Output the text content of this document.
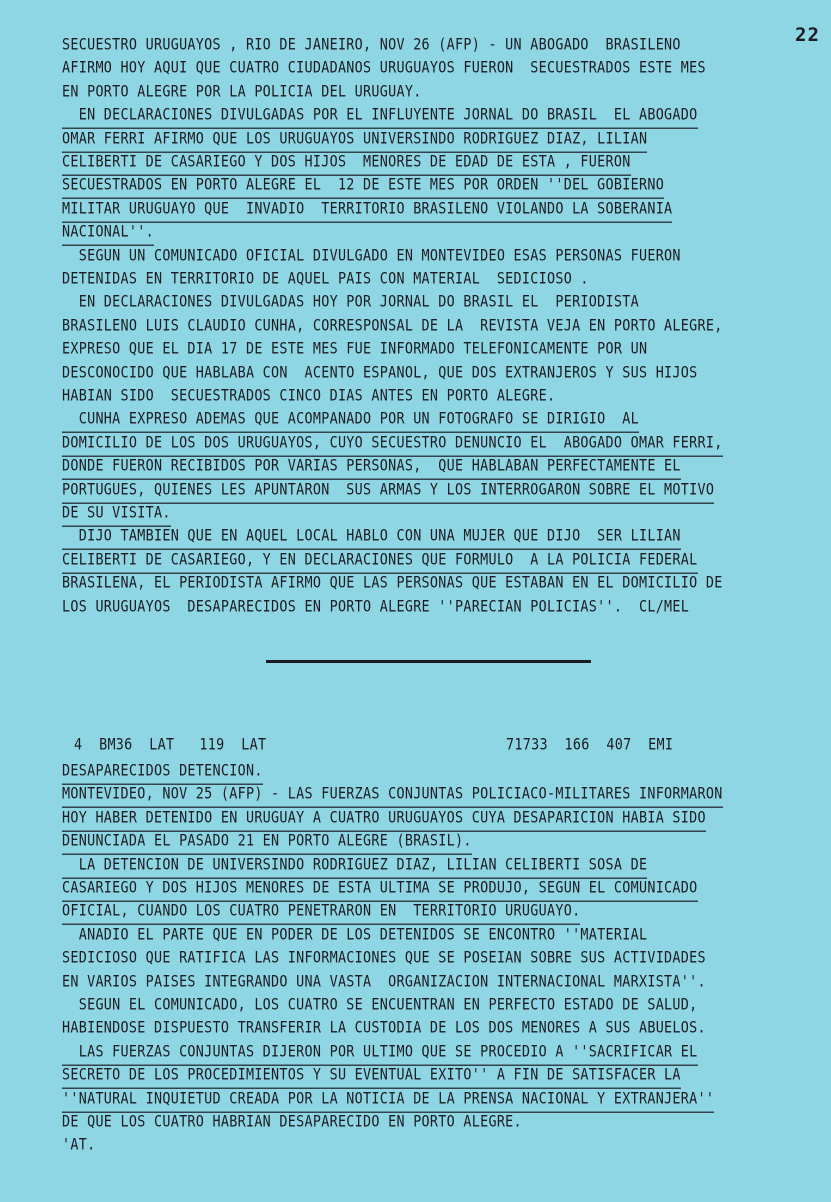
22
SECUESTRO URUGUAYOS , RIO DE JANEIRO, NOV 26 (AFP) - UN ABOGADO  BRASILENO
AFIRMO HOY AQUI QUE CUATRO CIUDADANOS URUGUAYOS FUERON  SECUESTRADOS ESTE MES
EN PORTO ALEGRE POR LA POLICIA DEL URUGUAY.
EN DECLARACIONES DIVULGADAS POR EL INFLUYENTE JORNAL DO BRASIL  EL ABOGADO
OMAR FERRI AFIRMO QUE LOS URUGUAYOS UNIVERSINDO RODRIGUEZ DIAZ, LILIAN
CELIBERTI DE CASARIEGO Y DOS HIJOS  MENORES DE EDAD DE ESTA , FUERON
SECUESTRADOS EN PORTO ALEGRE EL  12 DE ESTE MES POR ORDEN ''DEL GOBIERNO
MILITAR URUGUAYO QUE  INVADIO  TERRITORIO BRASILENO VIOLANDO LA SOBERANIA
NACIONAL''.
SEGUN UN COMUNICADO OFICIAL DIVULGADO EN MONTEVIDEO ESAS PERSONAS FUERON
DETENIDAS EN TERRITORIO DE AQUEL PAIS CON MATERIAL  SEDICIOSO .
EN DECLARACIONES DIVULGADAS HOY POR JORNAL DO BRASIL EL  PERIODISTA
BRASILENO LUIS CLAUDIO CUNHA, CORRESPONSAL DE LA  REVISTA VEJA EN PORTO ALEGRE,
EXPRESO QUE EL DIA 17 DE ESTE MES FUE INFORMADO TELEFONICAMENTE POR UN
DESCONOCIDO QUE HABLABA CON  ACENTO ESPANOL, QUE DOS EXTRANJEROS Y SUS HIJOS
HABIAN SIDO  SECUESTRADOS CINCO DIAS ANTES EN PORTO ALEGRE.
CUNHA EXPRESO ADEMAS QUE ACOMPANADO POR UN FOTOGRAFO SE DIRIGIO  AL
DOMICILIO DE LOS DOS URUGUAYOS, CUYO SECUESTRO DENUNCIO EL  ABOGADO OMAR FERRI,
DONDE FUERON RECIBIDOS POR VARIAS PERSONAS,  QUE HABLABAN PERFECTAMENTE EL
PORTUGUES, QUIENES LES APUNTARON  SUS ARMAS Y LOS INTERROGARON SOBRE EL MOTIVO
DE SU VISITA.
DIJO TAMBIEN QUE EN AQUEL LOCAL HABLO CON UNA MUJER QUE DIJO  SER LILIAN
CELIBERTI DE CASARIEGO, Y EN DECLARACIONES QUE FORMULO  A LA POLICIA FEDERAL
BRASILENA, EL PERIODISTA AFIRMO QUE LAS PERSONAS QUE ESTABAN EN EL DOMICILIO DE
LOS URUGUAYOS  DESAPARECIDOS EN PORTO ALEGRE ''PARECIAN POLICIAS''.  CL/MEL
4  BM36  LAT   119  LAT	71733  166  407  EMI
DESAPARECIDOS DETENCION.
MONTEVIDEO, NOV 25 (AFP) - LAS FUERZAS CONJUNTAS POLICIACO-MILITARES INFORMARON
HOY HABER DETENIDO EN URUGUAY A CUATRO URUGUAYOS CUYA DESAPARICION HABIA SIDO
DENUNCIADA EL PASADO 21 EN PORTO ALEGRE (BRASIL).
LA DETENCION DE UNIVERSINDO RODRIGUEZ DIAZ, LILIAN CELIBERTI SOSA DE
CASARIEGO Y DOS HIJOS MENORES DE ESTA ULTIMA SE PRODUJO, SEGUN EL COMUNICADO
OFICIAL, CUANDO LOS CUATRO PENETRARON EN  TERRITORIO URUGUAYO.
ANADIO EL PARTE QUE EN PODER DE LOS DETENIDOS SE ENCONTRO ''MATERIAL
SEDICIOSO QUE RATIFICA LAS INFORMACIONES QUE SE POSEIAN SOBRE SUS ACTIVIDADES
EN VARIOS PAISES INTEGRANDO UNA VASTA  ORGANIZACION INTERNACIONAL MARXISTA''.
SEGUN EL COMUNICADO, LOS CUATRO SE ENCUENTRAN EN PERFECTO ESTADO DE SALUD,
HABIENDOSE DISPUESTO TRANSFERIR LA CUSTODIA DE LOS DOS MENORES A SUS ABUELOS.
LAS FUERZAS CONJUNTAS DIJERON POR ULTIMO QUE SE PROCEDIO A ''SACRIFICAR EL
SECRETO DE LOS PROCEDIMIENTOS Y SU EVENTUAL EXITO'' A FIN DE SATISFACER LA
''NATURAL INQUIETUD CREADA POR LA NOTICIA DE LA PRENSA NACIONAL Y EXTRANJERA''
DE QUE LOS CUATRO HABRIAN DESAPARECIDO EN PORTO ALEGRE.
'AT.
